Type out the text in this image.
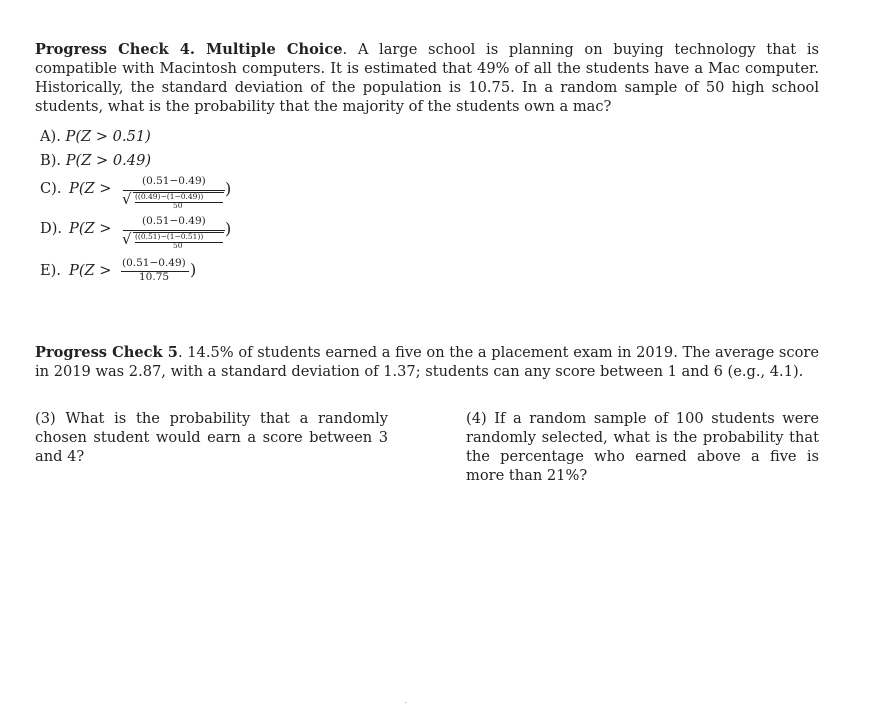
Progress Check 4. Multiple Choice. A large school is planning on buying technology that is compatible with Macintosh computers. It is estimated that 49% of all the students have a Mac computer. Historically, the standard deviation of the population is 10.75. In a random sample of 50 high school students, what is the probability that the majority of the students own a mac?
A). P(Z > 0.51)
B). P(Z > 0.49)
C). P(Z >	(0.51−0.49)
√ ((0.49)−(1−0.49))
50
)
D). P(Z >	(0.51−0.49)
√ ((0.51)−(1−0.51))
50
)
E). P(Z > (0.51−0.49)
10.75 )
Progress Check 5. 14.5% of students earned a five on the a placement exam in 2019. The average score in 2019 was 2.87, with a standard deviation of 1.37; students can any score between 1 and 6 (e.g., 4.1).
(3) What is the probability that a randomly chosen student would earn a score between 3 and 4?
(4) If a random sample of 100 students were randomly selected, what is the probability that the percentage who earned above a five is more than 21%?
